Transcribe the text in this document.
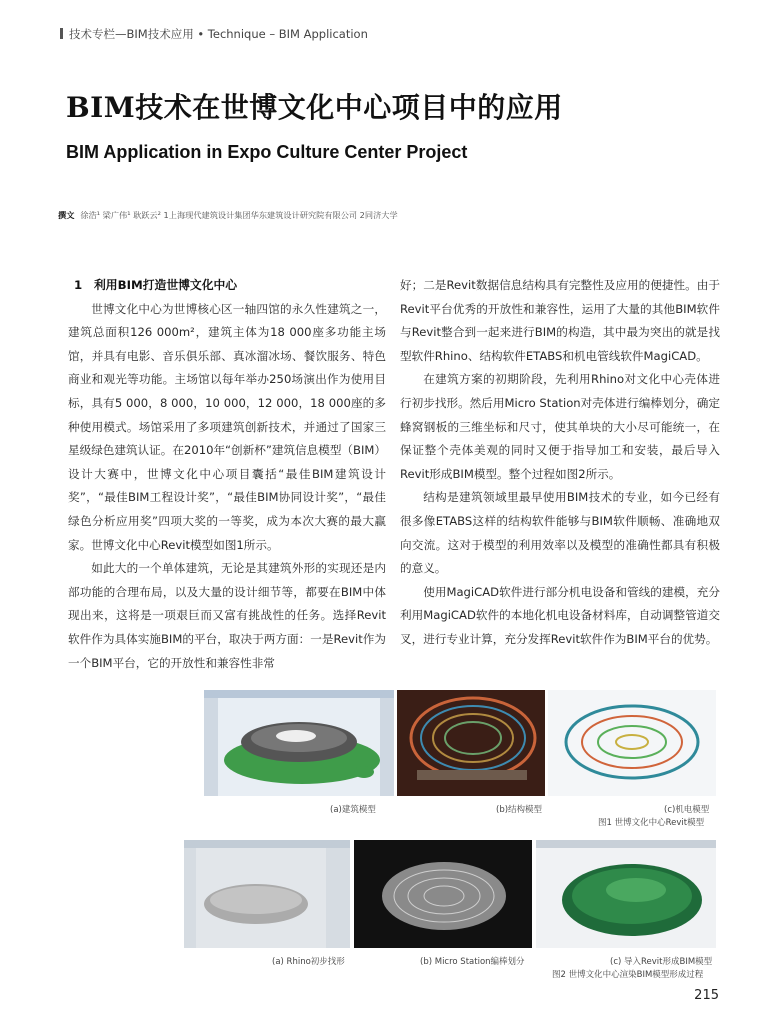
技术专栏—BIM技术应用 • Technique – BIM Application
BIM技术在世博文化中心项目中的应用
BIM Application in Expo Culture Center Project
撰文 徐浩¹ 梁广伟¹ 耿跃云² 1上海现代建筑设计集团华东建筑设计研究院有限公司 2同济大学
1　利用BIM打造世博文化中心

世博文化中心为世博核心区一轴四馆的永久性建筑之一，建筑总面积126 000m²，建筑主体为18 000座多功能主场馆，并具有电影、音乐俱乐部、真冰溜冰场、餐饮服务、特色商业和观光等功能。主场馆以每年举办250场演出作为使用目标，具有5 000，8 000，10 000，12 000，18 000座的多种使用模式。场馆采用了多项建筑创新技术，并通过了国家三星级绿色建筑认证。在2010年“创新杯”建筑信息模型（BIM）设计大赛中，世博文化中心项目囊括“最佳BIM建筑设计奖”，“最佳BIM工程设计奖”，“最佳BIM协同设计奖”，“最佳绿色分析应用奖”四项大奖的一等奖，成为本次大赛的最大赢家。世博文化中心Revit模型如图1所示。

如此大的一个单体建筑，无论是其建筑外形的实现还是内部功能的合理布局，以及大量的设计细节等，都要在BIM中体现出来，这将是一项艰巨而又富有挑战性的任务。选择Revit软件作为具体实施BIM的平台，取决于两方面：一是Revit作为一个BIM平台，它的开放性和兼容性非常

好；二是Revit数据信息结构具有完整性及应用的便捷性。由于Revit平台优秀的开放性和兼容性，运用了大量的其他BIM软件与Revit整合到一起来进行BIM的构造，其中最为突出的就是找型软件Rhino、结构软件ETABS和机电管线软件MagiCAD。

在建筑方案的初期阶段，先利用Rhino对文化中心壳体进行初步找形。然后用Micro Station对壳体进行编棒划分，确定蜂窝钢板的三维坐标和尺寸，使其单块的大小尽可能统一，在保证整个壳体美观的同时又便于指导加工和安装，最后导入Revit形成BIM模型。整个过程如图2所示。

结构是建筑领域里最早使用BIM技术的专业，如今已经有很多像ETABS这样的结构软件能够与BIM软件顺畅、准确地双向交流。这对于模型的利用效率以及模型的准确性都具有积极的意义。

使用MagiCAD软件进行部分机电设备和管线的建模，充分利用MagiCAD软件的本地化机电设备材料库，自动调整管道交叉，进行专业计算，充分发挥Revit软件作为BIM平台的优势。

(a)建筑模型	(b)结构模型	(c)机电模型
图1 世博文化中心Revit模型
(a) Rhino初步找形	(b) Micro Station编棒划分	(c) 导入Revit形成BIM模型
图2 世博文化中心渲染BIM模型形成过程
215
